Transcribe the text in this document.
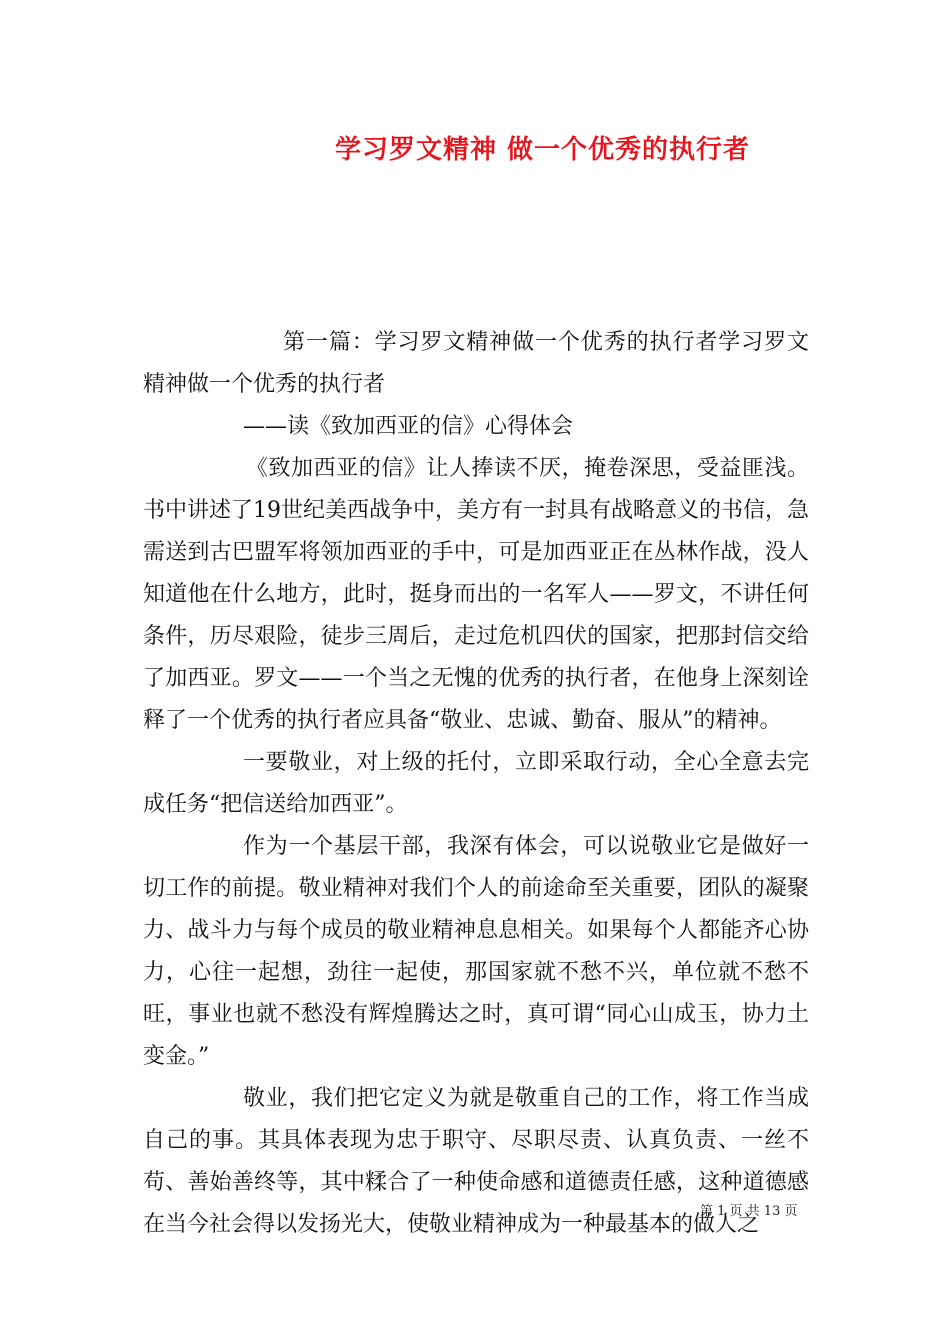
学习罗文精神 做一个优秀的执行者

第一篇：学习罗文精神做一个优秀的执行者学习罗文精神做一个优秀的执行者

——读《致加西亚的信》心得体会

《致加西亚的信》让人捧读不厌，掩卷深思，受益匪浅。书中讲述了19世纪美西战争中，美方有一封具有战略意义的书信，急需送到古巴盟军将领加西亚的手中，可是加西亚正在丛林作战，没人知道他在什么地方，此时，挺身而出的一名军人——罗文，不讲任何条件，历尽艰险，徒步三周后，走过危机四伏的国家，把那封信交给了加西亚。罗文——一个当之无愧的优秀的执行者，在他身上深刻诠释了一个优秀的执行者应具备“敬业、忠诚、勤奋、服从”的精神。

一要敬业，对上级的托付，立即采取行动，全心全意去完成任务“把信送给加西亚”。

作为一个基层干部，我深有体会，可以说敬业它是做好一切工作的前提。敬业精神对我们个人的前途命至关重要，团队的凝聚力、战斗力与每个成员的敬业精神息息相关。如果每个人都能齐心协力，心往一起想，劲往一起使，那国家就不愁不兴，单位就不愁不旺，事业也就不愁没有辉煌腾达之时，真可谓“同心山成玉，协力土变金。”

敬业，我们把它定义为就是敬重自己的工作，将工作当成自己的事。其具体表现为忠于职守、尽职尽责、认真负责、一丝不苟、善始善终等，其中糅合了一种使命感和道德责任感，这种道德感在当今社会得以发扬光大，使敬业精神成为一种最基本的做人之

第 1 页 共 13 页
